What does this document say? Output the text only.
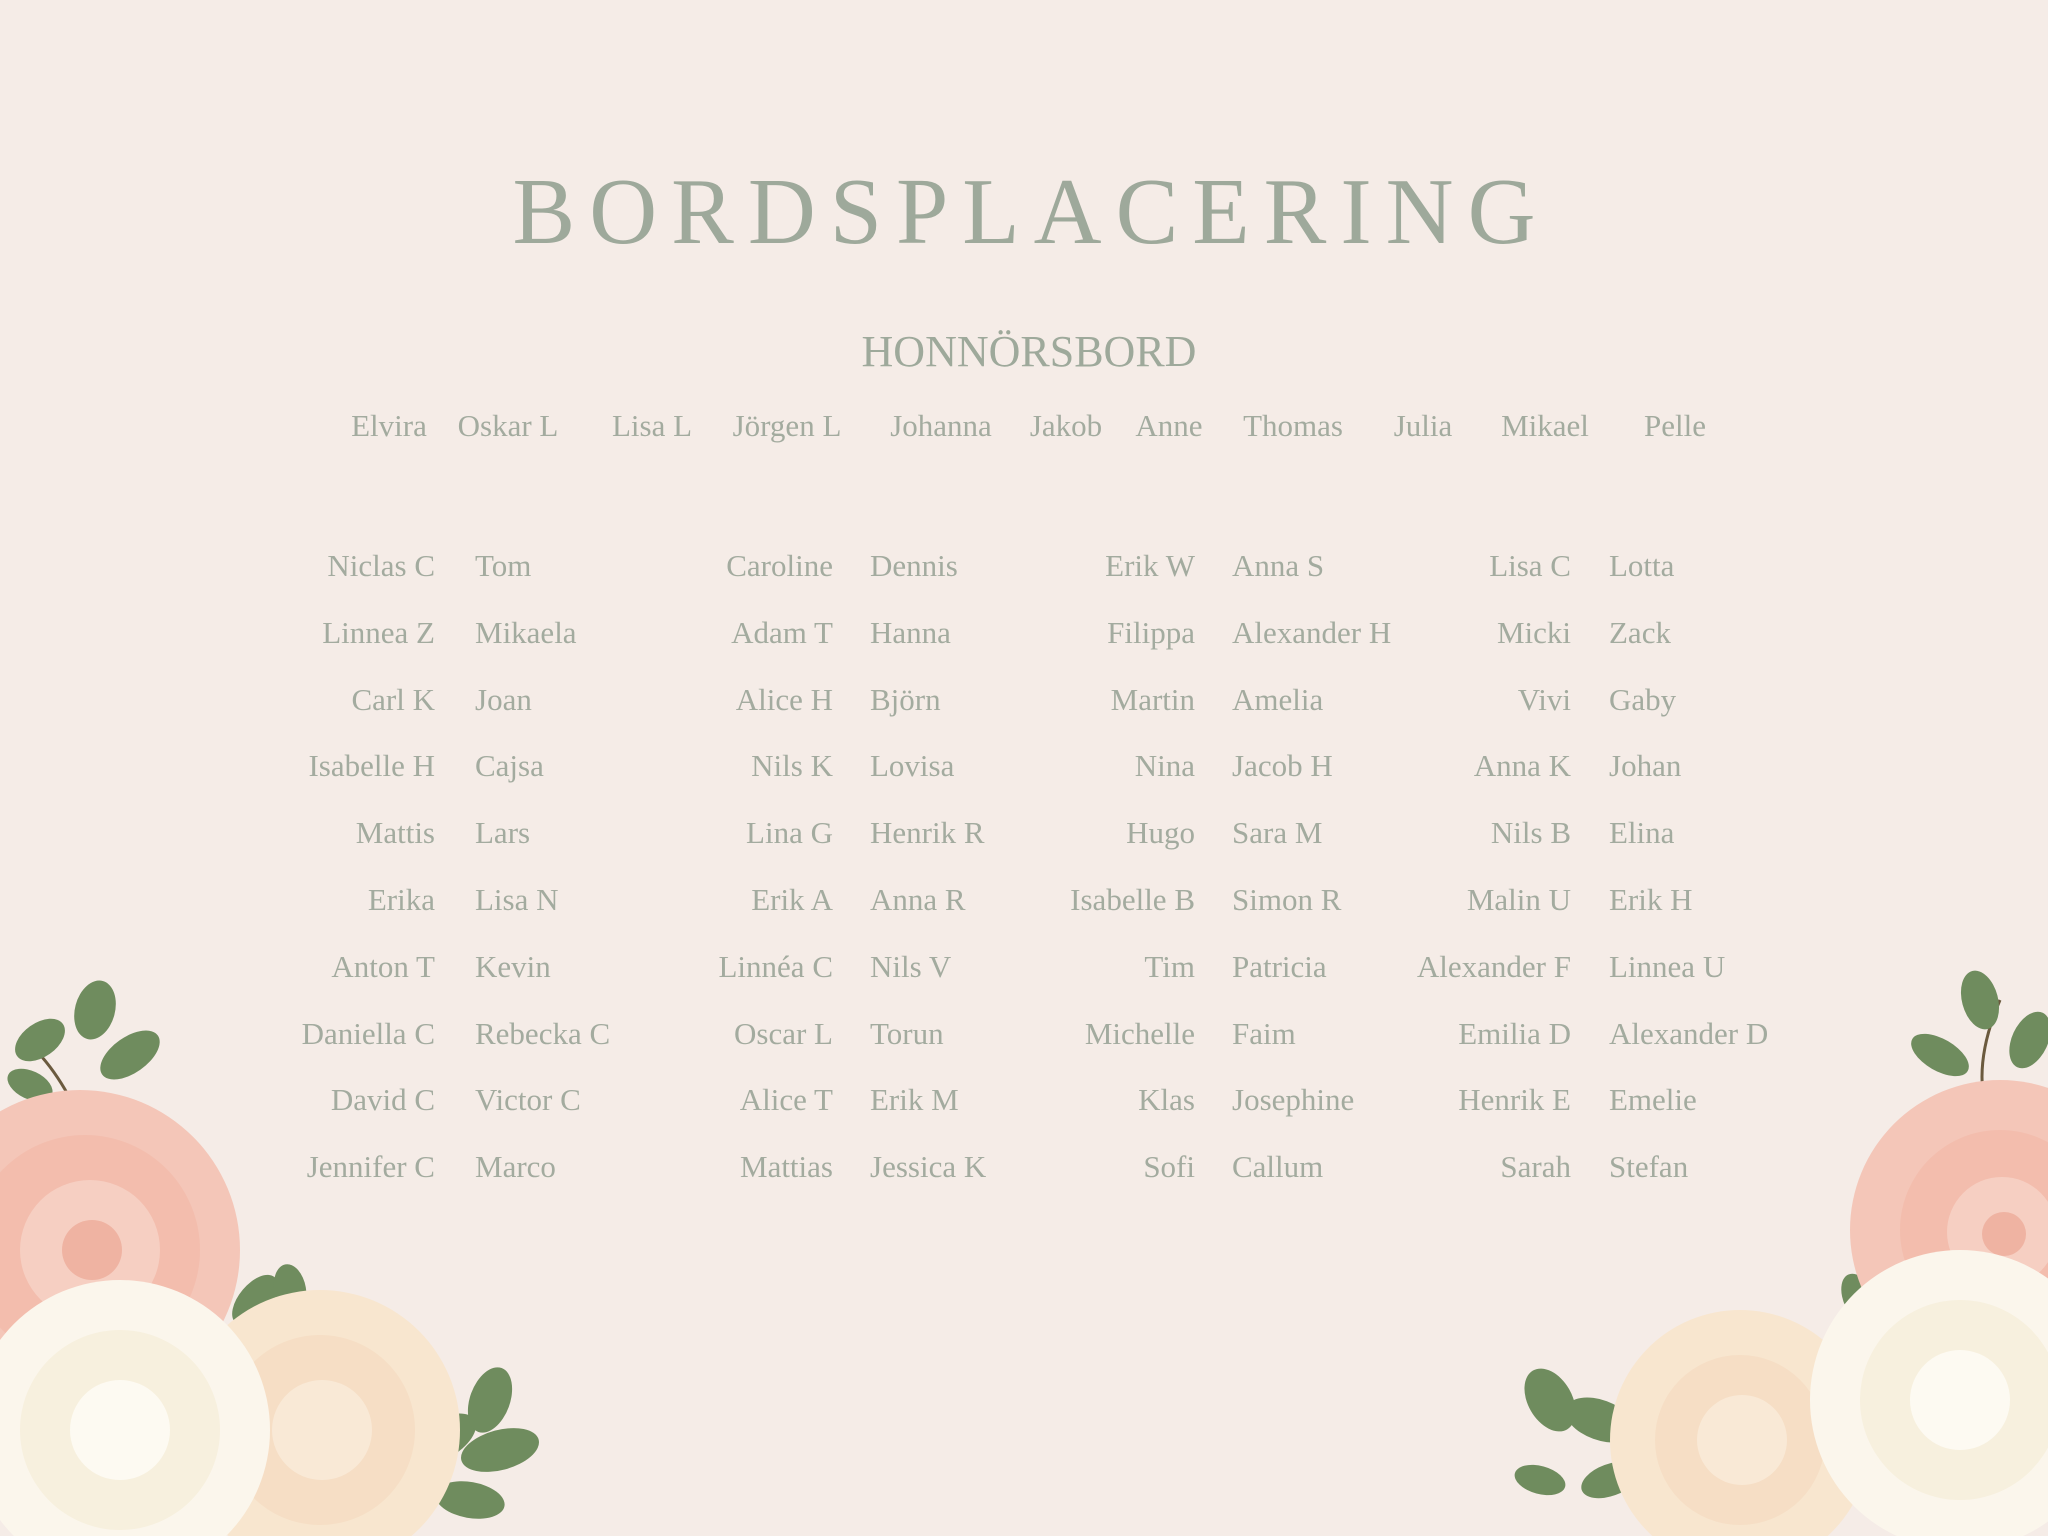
BORDSPLACERING
HONNÖRSBORD
Elvira Oskar L Lisa L Jörgen L Johanna Jakob Anne Thomas Julia Mikael Pelle
Niclas C
Linnea Z
Carl K
Isabelle H
Mattis
Erika
Anton T
Daniella C
David C
Jennifer C
Tom
Mikaela
Joan
Cajsa
Lars
Lisa N
Kevin
Rebecka C
Victor C
Marco
Caroline
Adam T
Alice H
Nils K
Lina G
Erik A
Linnéa C
Oscar L
Alice T
Mattias
Dennis
Hanna
Björn
Lovisa
Henrik R
Anna R
Nils V
Torun
Erik M
Jessica K
Erik W
Filippa
Martin
Nina
Hugo
Isabelle B
Tim
Michelle
Klas
Sofi
Anna S
Alexander H
Amelia
Jacob H
Sara M
Simon R
Patricia
Faim
Josephine
Callum
Lisa C
Micki
Vivi
Anna K
Nils B
Malin U
Alexander F
Emilia D
Henrik E
Sarah
Lotta
Zack
Gaby
Johan
Elina
Erik H
Linnea U
Alexander D
Emelie
Stefan
